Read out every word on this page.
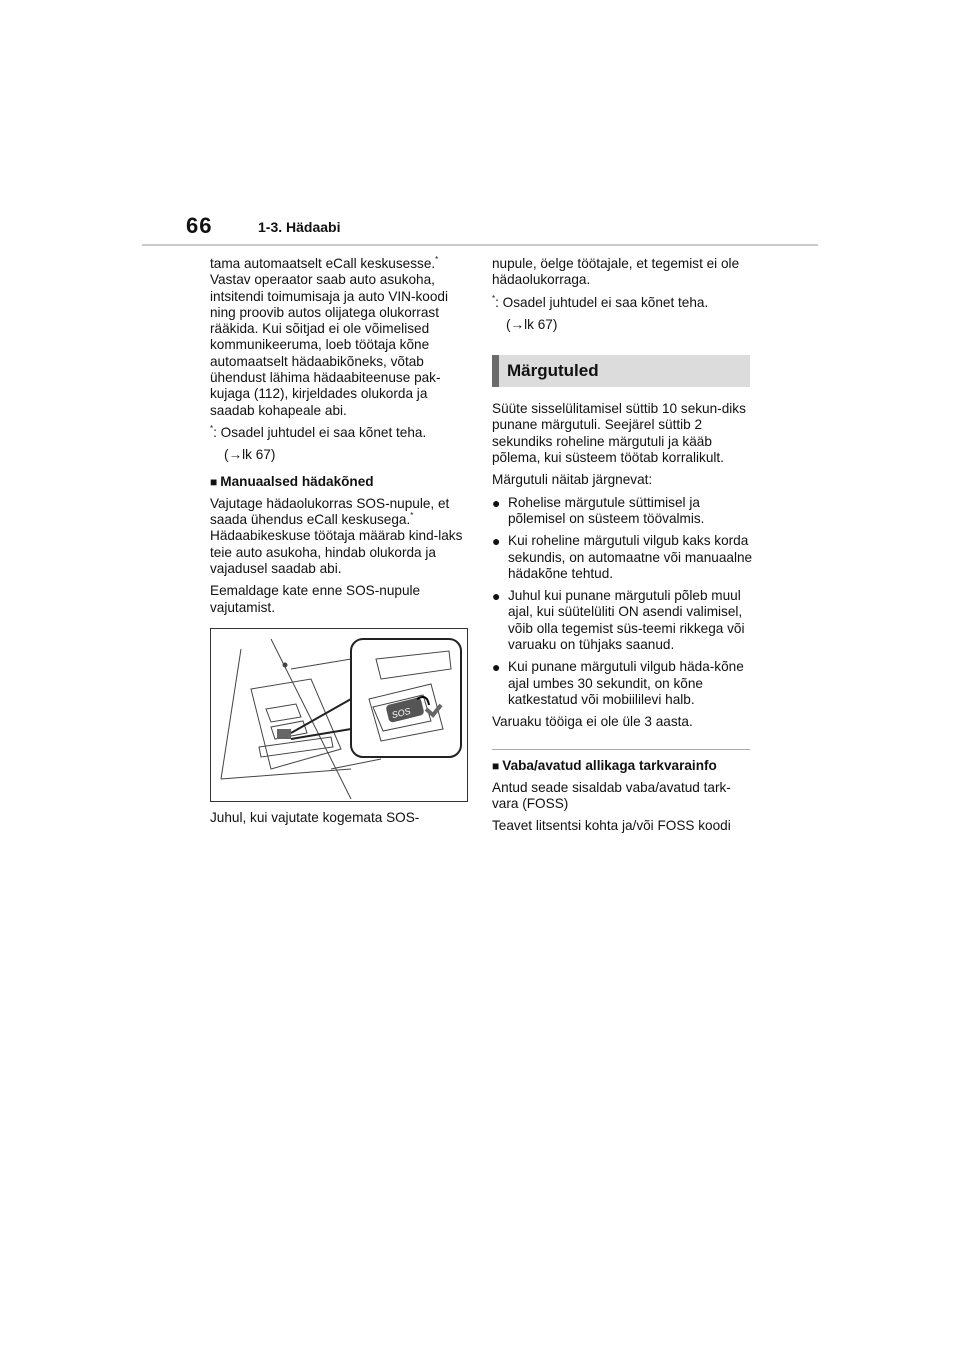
66	1-3. Hädaabi

tama automaatselt eCall keskusesse.* Vastav operaator saab auto asukoha, intsitendi toimumisaja ja auto VIN-koodi ning proovib autos olijatega olukorrast rääkida. Kui sõitjad ei ole võimelised kommunikeeruma, loeb töötaja kõne automaatselt hädaabikõneks, võtab ühendust lähima hädaabiteenuse pak-kujaga (112), kirjeldades olukorda ja saadab kohapeale abi.

*: Osadel juhtudel ei saa kõnet teha.

(→lk 67)

■ Manuaalsed hädakõned

Vajutage hädaolukorras SOS-nupule, et saada ühendus eCall keskusega.* Hädaabikeskuse töötaja määrab kind-laks teie auto asukoha, hindab olukorda ja vajadusel saadab abi.

Eemaldage kate enne SOS-nupule vajutamist.

SOS

Juhul, kui vajutate kogemata SOS-

nupule, öelge töötajale, et tegemist ei ole hädaolukorraga.

*: Osadel juhtudel ei saa kõnet teha.

(→lk 67)

Märgutuled

Süüte sisselülitamisel süttib 10 sekun-diks punane märgutuli. Seejärel süttib 2 sekundiks roheline märgutuli ja kääb põlema, kui süsteem töötab korralikult.

Märgutuli näitab järgnevat:

● Rohelise märgutule süttimisel ja põlemisel on süsteem töövalmis.
● Kui roheline märgutuli vilgub kaks korda sekundis, on automaatne või manuaalne hädakõne tehtud.
● Juhul kui punane märgutuli põleb muul ajal, kui süütelüliti ON asendi valimisel, võib olla tegemist süs-teemi rikkega või varuaku on tühjaks saanud.
● Kui punane märgutuli vilgub häda-kõne ajal umbes 30 sekundit, on kõne katkestatud või mobiililevi halb.

Varuaku tööiga ei ole üle 3 aasta.

■ Vaba/avatud allikaga tarkvarainfo

Antud seade sisaldab vaba/avatud tark-vara (FOSS)

Teavet litsentsi kohta ja/või FOSS koodi
